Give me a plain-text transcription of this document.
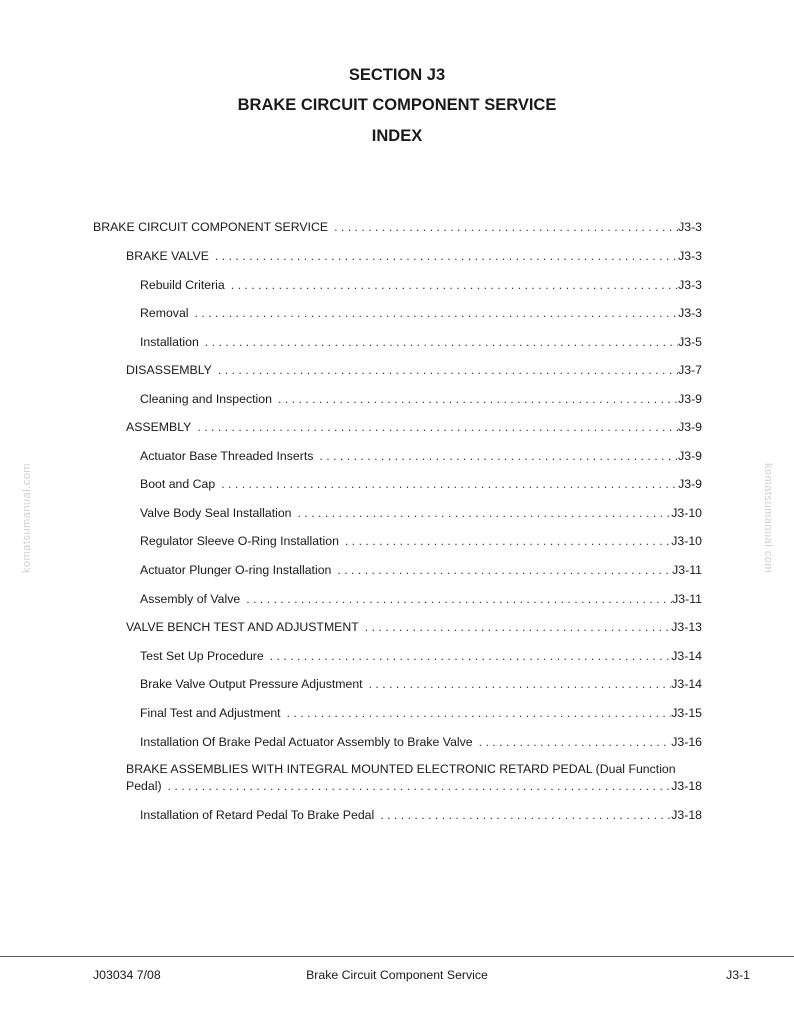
SECTION J3
BRAKE CIRCUIT COMPONENT SERVICE
INDEX
komatsumanual.com	komatsumanual.com
BRAKE CIRCUIT COMPONENT SERVICE . . .	J3-3
BRAKE VALVE . . .	J3-3
Rebuild Criteria . . .	J3-3
Removal . . .	J3-3
Installation . . .	J3-5
DISASSEMBLY . . .	J3-7
Cleaning and Inspection . . .	J3-9
ASSEMBLY . . .	J3-9
Actuator Base Threaded Inserts . . .	J3-9
Boot and Cap . . .	J3-9
Valve Body Seal Installation . . .	J3-10
Regulator Sleeve O-Ring Installation . . .	J3-10
Actuator Plunger O-ring Installation . . .	J3-11
Assembly of Valve . . .	J3-11
VALVE BENCH TEST AND ADJUSTMENT . . .	J3-13
Test Set Up Procedure . . .	J3-14
Brake Valve Output Pressure Adjustment . . .	J3-14
Final Test and Adjustment . . .	J3-15
Installation Of Brake Pedal Actuator Assembly to Brake Valve . . .	J3-16
BRAKE ASSEMBLIES WITH INTEGRAL MOUNTED ELECTRONIC RETARD PEDAL (Dual Function
Pedal) . . .	J3-18
Installation of Retard Pedal To Brake Pedal . . .	J3-18
J03034 7/08	Brake Circuit Component Service	J3-1
